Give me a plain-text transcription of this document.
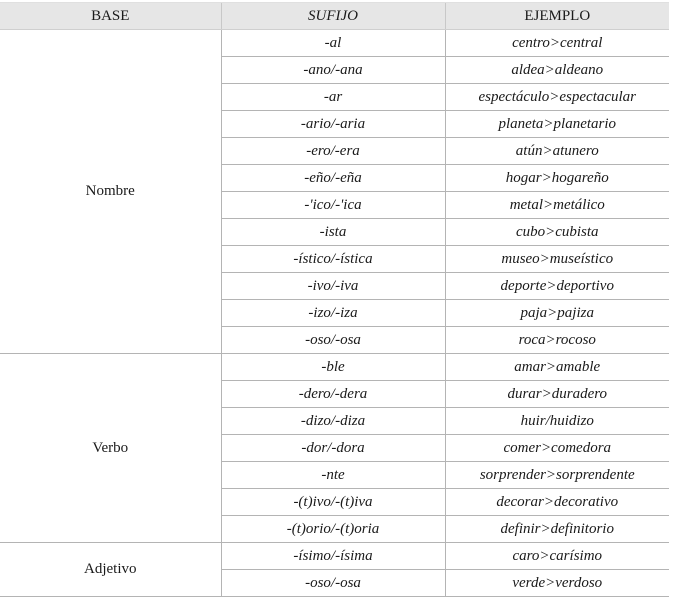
BASE	SUFIJO	EJEMPLO
Nombre	-al	centro>central
	-ano/-ana	aldea>aldeano
	-ar	espectáculo>espectacular
	-ario/-aria	planeta>planetario
	-ero/-era	atún>atunero
	-eño/-eña	hogar>hogareño
	-'ico/-'ica	metal>metálico
	-ista	cubo>cubista
	-ístico/-ística	museo>museístico
	-ivo/-iva	deporte>deportivo
	-izo/-iza	paja>pajiza
	-oso/-osa	roca>rocoso
Verbo	-ble	amar>amable
	-dero/-dera	durar>duradero
	-dizo/-diza	huir/huidizo
	-dor/-dora	comer>comedora
	-nte	sorprender>sorprendente
	-(t)ivo/-(t)iva	decorar>decorativo
	-(t)orio/-(t)oria	definir>definitorio
Adjetivo	-ísimo/-ísima	caro>carísimo
	-oso/-osa	verde>verdoso
